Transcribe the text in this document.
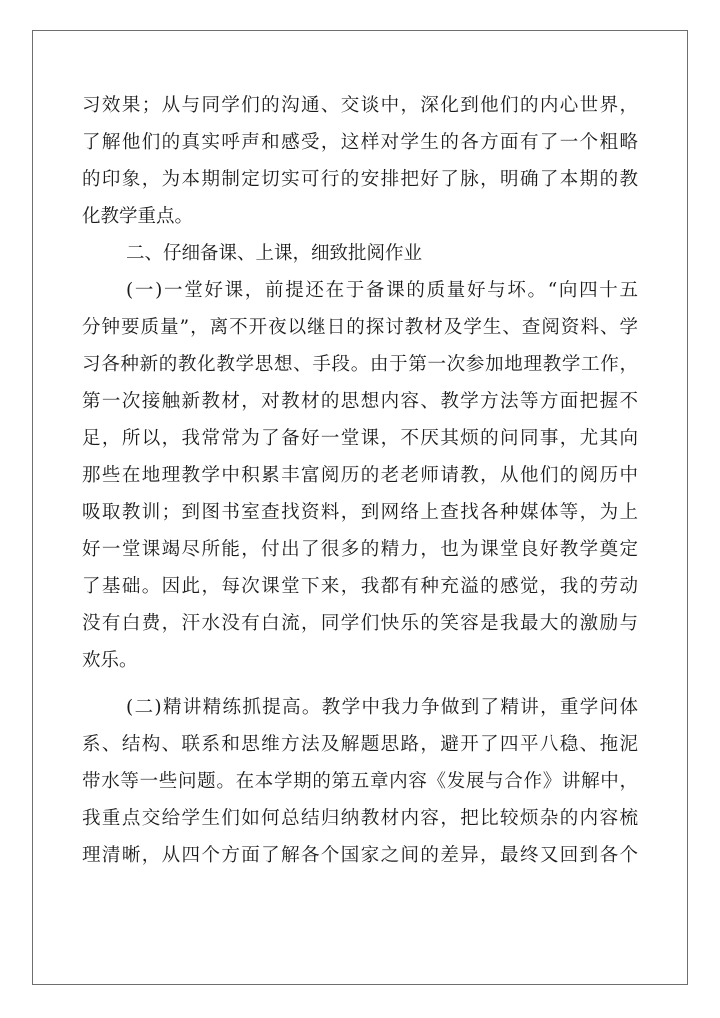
习效果；从与同学们的沟通、交谈中，深化到他们的内心世界，
了解他们的真实呼声和感受，这样对学生的各方面有了一个粗略
的印象，为本期制定切实可行的安排把好了脉，明确了本期的教
化教学重点。
二、仔细备课、上课，细致批阅作业
(一)一堂好课，前提还在于备课的质量好与坏。“向四十五
分钟要质量”，离不开夜以继日的探讨教材及学生、查阅资料、学
习各种新的教化教学思想、手段。由于第一次参加地理教学工作，
第一次接触新教材，对教材的思想内容、教学方法等方面把握不
足，所以，我常常为了备好一堂课，不厌其烦的问同事，尤其向
那些在地理教学中积累丰富阅历的老老师请教，从他们的阅历中
吸取教训；到图书室查找资料，到网络上查找各种媒体等，为上
好一堂课竭尽所能，付出了很多的精力，也为课堂良好教学奠定
了基础。因此，每次课堂下来，我都有种充溢的感觉，我的劳动
没有白费，汗水没有白流，同学们快乐的笑容是我最大的激励与
欢乐。
(二)精讲精练抓提高。教学中我力争做到了精讲，重学问体
系、结构、联系和思维方法及解题思路，避开了四平八稳、拖泥
带水等一些问题。在本学期的第五章内容《发展与合作》讲解中，
我重点交给学生们如何总结归纳教材内容，把比较烦杂的内容梳
理清晰，从四个方面了解各个国家之间的差异，最终又回到各个
